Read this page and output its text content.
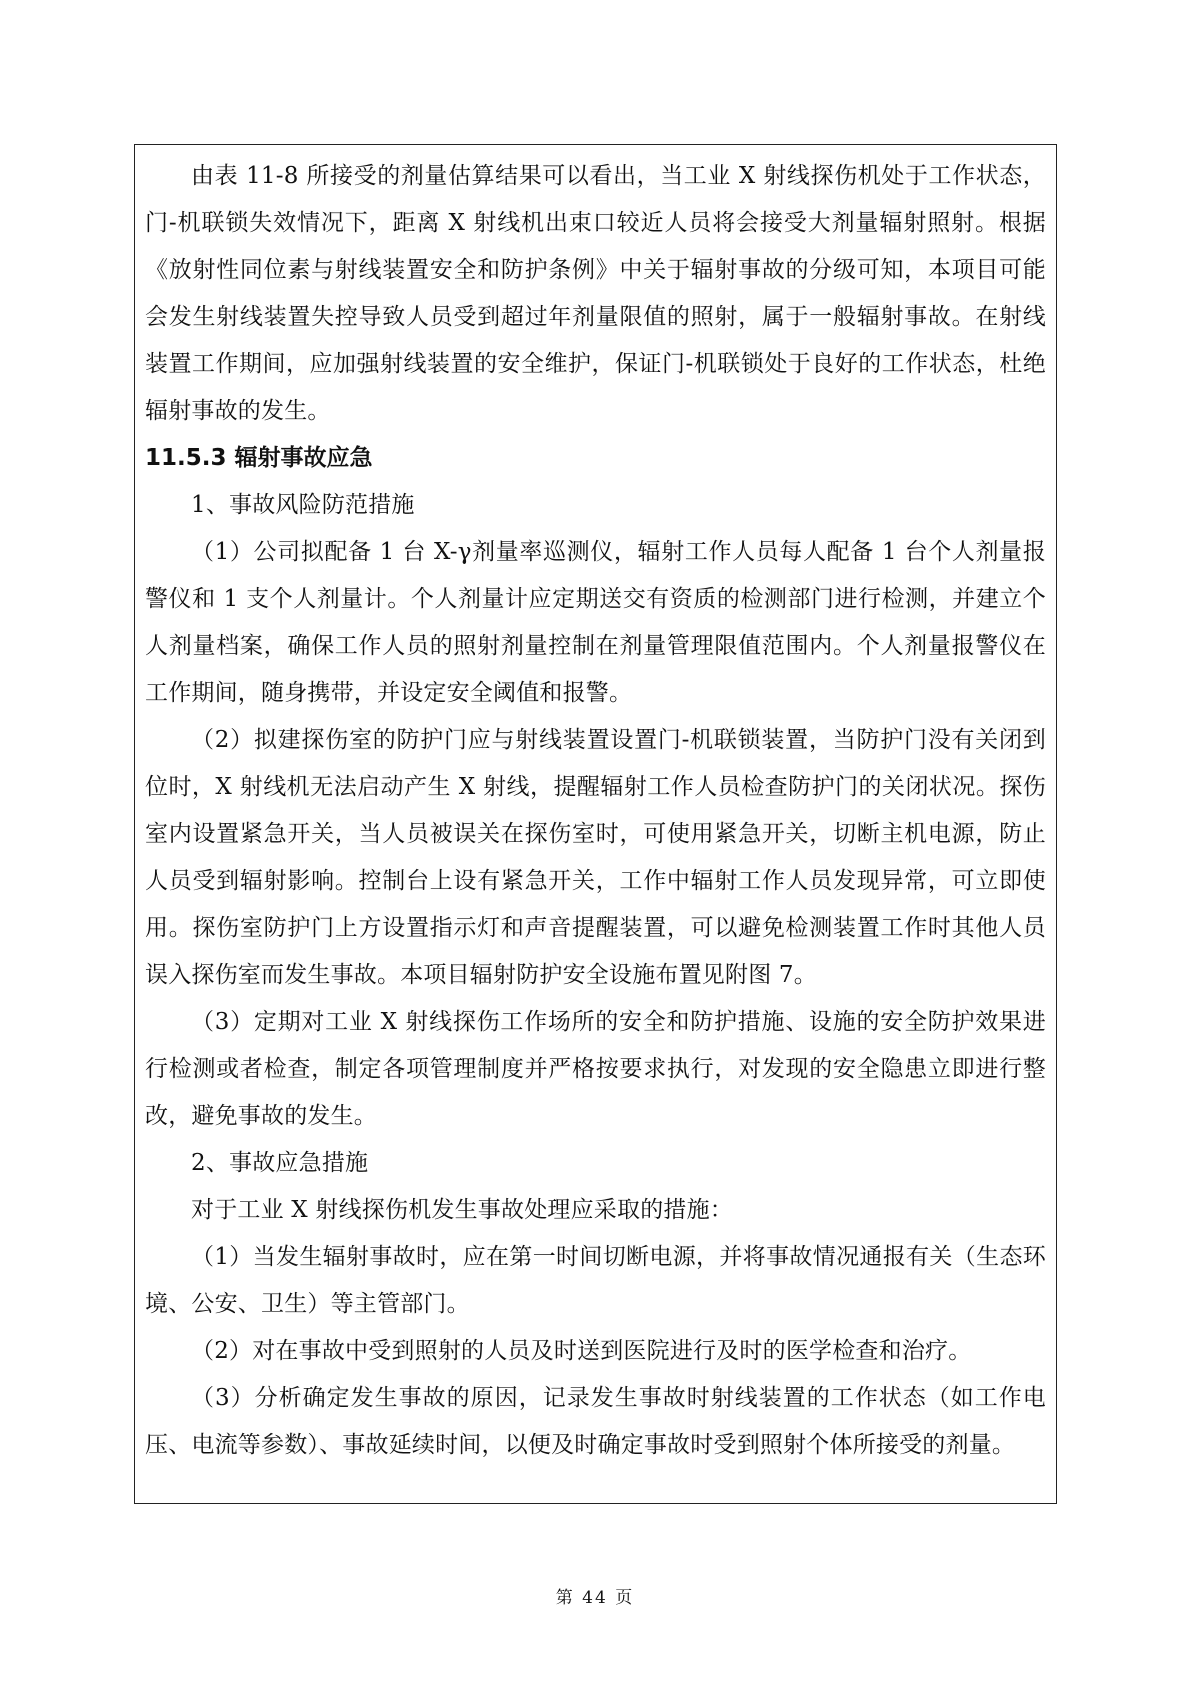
由表 11-8 所接受的剂量估算结果可以看出，当工业 X 射线探伤机处于工作状态，门-机联锁失效情况下，距离 X 射线机出束口较近人员将会接受大剂量辐射照射。根据《放射性同位素与射线装置安全和防护条例》中关于辐射事故的分级可知，本项目可能会发生射线装置失控导致人员受到超过年剂量限值的照射，属于一般辐射事故。在射线装置工作期间，应加强射线装置的安全维护，保证门-机联锁处于良好的工作状态，杜绝辐射事故的发生。

11.5.3 辐射事故应急

1、事故风险防范措施

（1）公司拟配备 1 台 X-γ剂量率巡测仪，辐射工作人员每人配备 1 台个人剂量报警仪和 1 支个人剂量计。个人剂量计应定期送交有资质的检测部门进行检测，并建立个人剂量档案，确保工作人员的照射剂量控制在剂量管理限值范围内。个人剂量报警仪在工作期间，随身携带，并设定安全阈值和报警。

（2）拟建探伤室的防护门应与射线装置设置门-机联锁装置，当防护门没有关闭到位时，X 射线机无法启动产生 X 射线，提醒辐射工作人员检查防护门的关闭状况。探伤室内设置紧急开关，当人员被误关在探伤室时，可使用紧急开关，切断主机电源，防止人员受到辐射影响。控制台上设有紧急开关，工作中辐射工作人员发现异常，可立即使用。探伤室防护门上方设置指示灯和声音提醒装置，可以避免检测装置工作时其他人员误入探伤室而发生事故。本项目辐射防护安全设施布置见附图 7。

（3）定期对工业 X 射线探伤工作场所的安全和防护措施、设施的安全防护效果进行检测或者检查，制定各项管理制度并严格按要求执行，对发现的安全隐患立即进行整改，避免事故的发生。

2、事故应急措施

对于工业 X 射线探伤机发生事故处理应采取的措施：

（1）当发生辐射事故时，应在第一时间切断电源，并将事故情况通报有关（生态环境、公安、卫生）等主管部门。

（2）对在事故中受到照射的人员及时送到医院进行及时的医学检查和治疗。

（3）分析确定发生事故的原因，记录发生事故时射线装置的工作状态（如工作电压、电流等参数）、事故延续时间，以便及时确定事故时受到照射个体所接受的剂量。

第 44 页
